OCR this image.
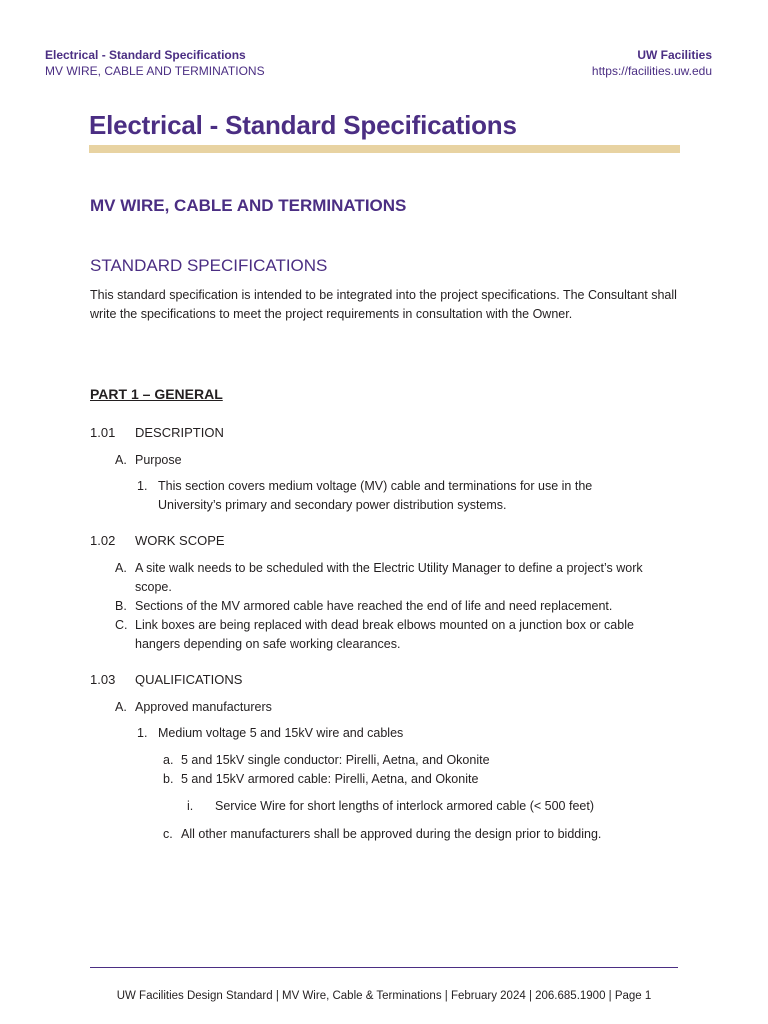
Electrical - Standard Specifications
MV WIRE, CABLE AND TERMINATIONS
UW Facilities
https://facilities.uw.edu
Electrical - Standard Specifications
MV WIRE, CABLE AND TERMINATIONS
STANDARD SPECIFICATIONS
This standard specification is intended to be integrated into the project specifications. The Consultant shall write the specifications to meet the project requirements in consultation with the Owner.
PART 1 – GENERAL
1.01 DESCRIPTION
A. Purpose
1. This section covers medium voltage (MV) cable and terminations for use in the
University’s primary and secondary power distribution systems.
1.02 WORK SCOPE
A. A site walk needs to be scheduled with the Electric Utility Manager to define a project’s work
scope.
B. Sections of the MV armored cable have reached the end of life and need replacement.
C. Link boxes are being replaced with dead break elbows mounted on a junction box or cable
hangers depending on safe working clearances.
1.03 QUALIFICATIONS
A. Approved manufacturers
1. Medium voltage 5 and 15kV wire and cables
a. 5 and 15kV single conductor: Pirelli, Aetna, and Okonite
b. 5 and 15kV armored cable: Pirelli, Aetna, and Okonite
i. Service Wire for short lengths of interlock armored cable (< 500 feet)
c. All other manufacturers shall be approved during the design prior to bidding.
UW Facilities Design Standard | MV Wire, Cable & Terminations | February 2024 | 206.685.1900 | Page 1
